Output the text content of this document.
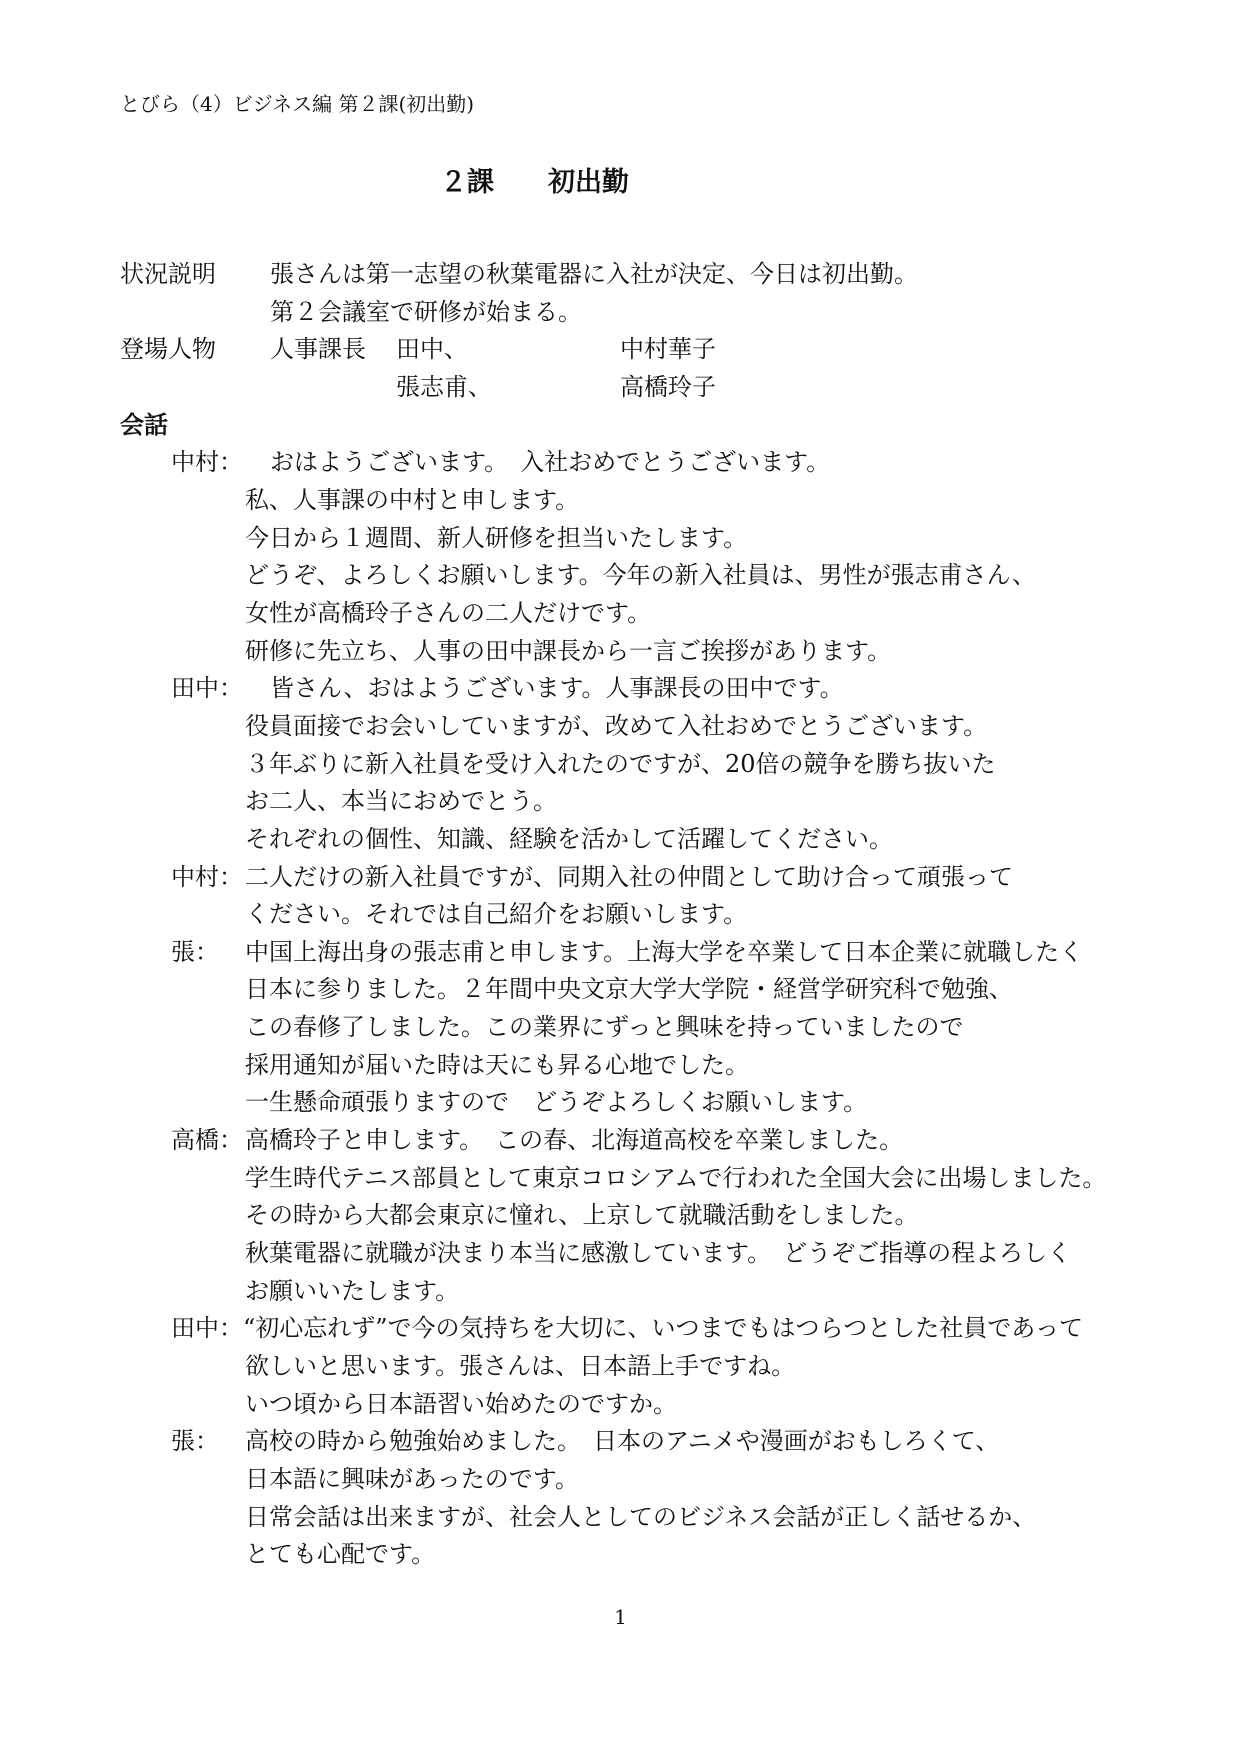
とびら（4）ビジネス編 第２課(初出勤)
２課　　初出勤
状況説明 張さんは第一志望の秋葉電器に入社が決定、今日は初出勤。
第２会議室で研修が始まる。
登場人物 人事課長 田中、	中村華子
張志甫、	高橋玲子
会話
中村： おはようございます。　入社おめでとうございます。
私、人事課の中村と申します。
今日から１週間、新人研修を担当いたします。
どうぞ、よろしくお願いします。今年の新入社員は、男性が張志甫さん、
女性が高橋玲子さんの二人だけです。
研修に先立ち、人事の田中課長から一言ご挨拶があります。
田中： 皆さん、おはようございます。人事課長の田中です。
役員面接でお会いしていますが、改めて入社おめでとうございます。
３年ぶりに新入社員を受け入れたのですが、20倍の競争を勝ち抜いた
お二人、本当におめでとう。
それぞれの個性、知識、経験を活かして活躍してください。
中村： 二人だけの新入社員ですが、同期入社の仲間として助け合って頑張って
ください。それでは自己紹介をお願いします。
張： 中国上海出身の張志甫と申します。上海大学を卒業して日本企業に就職したく
日本に参りました。２年間中央文京大学大学院・経営学研究科で勉強、
この春修了しました。この業界にずっと興味を持っていましたので
採用通知が届いた時は天にも昇る心地でした。
一生懸命頑張りますので　どうぞよろしくお願いします。
高橋： 高橋玲子と申します。　この春、北海道高校を卒業しました。
学生時代テニス部員として東京コロシアムで行われた全国大会に出場しました。
その時から大都会東京に憧れ、上京して就職活動をしました。
秋葉電器に就職が決まり本当に感激しています。　どうぞご指導の程よろしく
お願いいたします。
田中： “初心忘れず”で今の気持ちを大切に、いつまでもはつらつとした社員であって
欲しいと思います。張さんは、日本語上手ですね。
いつ頃から日本語習い始めたのですか。
張： 高校の時から勉強始めました。　日本のアニメや漫画がおもしろくて、
日本語に興味があったのです。
日常会話は出来ますが、社会人としてのビジネス会話が正しく話せるか、
とても心配です。
1
